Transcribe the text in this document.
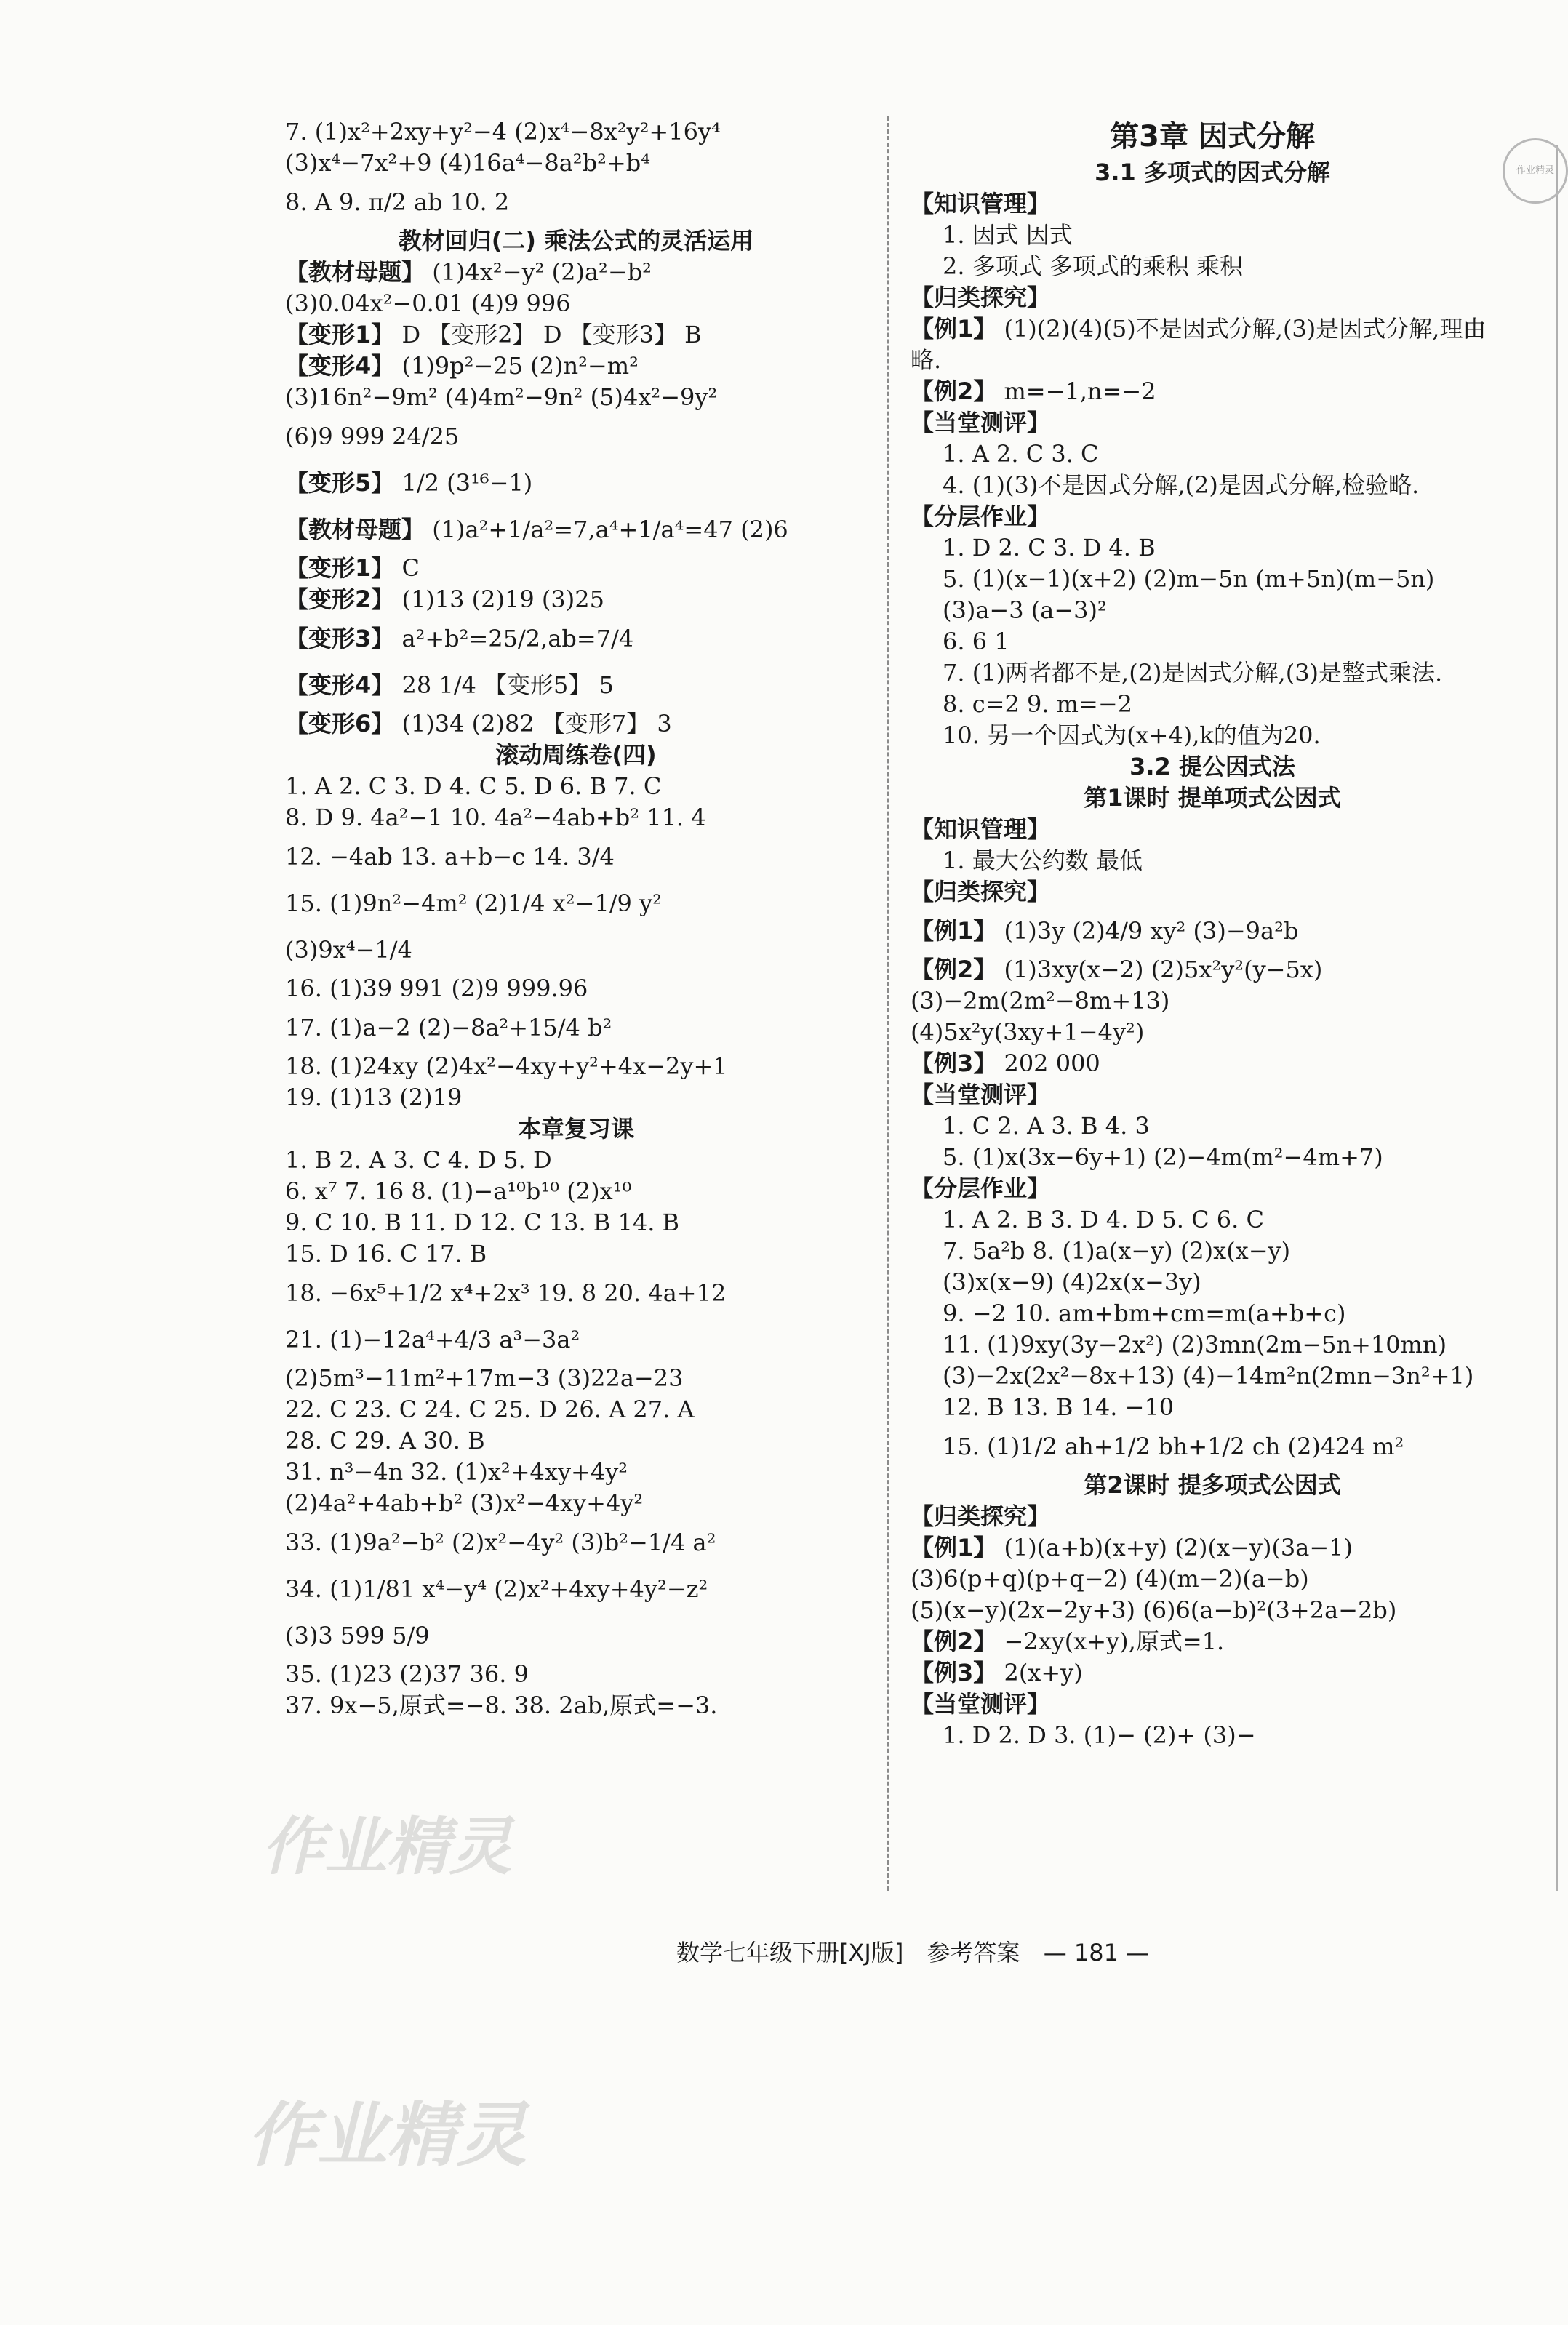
7. (1)x²+2xy+y²−4 (2)x⁴−8x²y²+16y⁴
(3)x⁴−7x²+9 (4)16a⁴−8a²b²+b⁴
8. A 9. π/2 ab 10. 2
教材回归(二) 乘法公式的灵活运用
【教材母题】 (1)4x²−y² (2)a²−b²
(3)0.04x²−0.01 (4)9 996
【变形1】 D 【变形2】 D 【变形3】 B
【变形4】 (1)9p²−25 (2)n²−m²
(3)16n²−9m² (4)4m²−9n² (5)4x²−9y²
(6)9 999 24/25
【变形5】 1/2 (3¹⁶−1)
【教材母题】 (1)a²+1/a²=7,a⁴+1/a⁴=47 (2)6
【变形1】 C
【变形2】 (1)13 (2)19 (3)25
【变形3】 a²+b²=25/2,ab=7/4
【变形4】 28 1/4 【变形5】 5
【变形6】 (1)34 (2)82 【变形7】 3
滚动周练卷(四)
1. A 2. C 3. D 4. C 5. D 6. B 7. C
8. D 9. 4a²−1 10. 4a²−4ab+b² 11. 4
12. −4ab 13. a+b−c 14. 3/4
15. (1)9n²−4m² (2)1/4 x²−1/9 y²
(3)9x⁴−1/4
16. (1)39 991 (2)9 999.96
17. (1)a−2 (2)−8a²+15/4 b²
18. (1)24xy (2)4x²−4xy+y²+4x−2y+1
19. (1)13 (2)19
本章复习课
1. B 2. A 3. C 4. D 5. D
6. x⁷ 7. 16 8. (1)−a¹⁰b¹⁰ (2)x¹⁰
9. C 10. B 11. D 12. C 13. B 14. B
15. D 16. C 17. B
18. −6x⁵+1/2 x⁴+2x³ 19. 8 20. 4a+12
21. (1)−12a⁴+4/3 a³−3a²
(2)5m³−11m²+17m−3 (3)22a−23
22. C 23. C 24. C 25. D 26. A 27. A
28. C 29. A 30. B
31. n³−4n 32. (1)x²+4xy+4y²
(2)4a²+4ab+b² (3)x²−4xy+4y²
33. (1)9a²−b² (2)x²−4y² (3)b²−1/4 a²
34. (1)1/81 x⁴−y⁴ (2)x²+4xy+4y²−z²
(3)3 599 5/9
35. (1)23 (2)37 36. 9
37. 9x−5,原式=−8. 38. 2ab,原式=−3.
第3章 因式分解
3.1 多项式的因式分解
【知识管理】
1. 因式 因式
2. 多项式 多项式的乘积 乘积
【归类探究】
【例1】 (1)(2)(4)(5)不是因式分解,(3)是因式分解,理由略.
【例2】 m=−1,n=−2
【当堂测评】
1. A 2. C 3. C
4. (1)(3)不是因式分解,(2)是因式分解,检验略.
【分层作业】
1. D 2. C 3. D 4. B
5. (1)(x−1)(x+2) (2)m−5n (m+5n)(m−5n) (3)a−3 (a−3)²
6. 6 1
7. (1)两者都不是,(2)是因式分解,(3)是整式乘法.
8. c=2 9. m=−2
10. 另一个因式为(x+4),k的值为20.
3.2 提公因式法
第1课时 提单项式公因式
【知识管理】
1. 最大公约数 最低
【归类探究】
【例1】 (1)3y (2)4/9 xy² (3)−9a²b
【例2】 (1)3xy(x−2) (2)5x²y²(y−5x)
(3)−2m(2m²−8m+13)
(4)5x²y(3xy+1−4y²)
【例3】 202 000
【当堂测评】
1. C 2. A 3. B 4. 3
5. (1)x(3x−6y+1) (2)−4m(m²−4m+7)
【分层作业】
1. A 2. B 3. D 4. D 5. C 6. C
7. 5a²b 8. (1)a(x−y) (2)x(x−y)
(3)x(x−9) (4)2x(x−3y)
9. −2 10. am+bm+cm=m(a+b+c)
11. (1)9xy(3y−2x²) (2)3mn(2m−5n+10mn) (3)−2x(2x²−8x+13) (4)−14m²n(2mn−3n²+1)
12. B 13. B 14. −10
15. (1)1/2 ah+1/2 bh+1/2 ch (2)424 m²
第2课时 提多项式公因式
【归类探究】
【例1】 (1)(a+b)(x+y) (2)(x−y)(3a−1)
(3)6(p+q)(p+q−2) (4)(m−2)(a−b)
(5)(x−y)(2x−2y+3) (6)6(a−b)²(3+2a−2b)
【例2】 −2xy(x+y),原式=1.
【例3】 2(x+y)
【当堂测评】
1. D 2. D 3. (1)− (2)+ (3)−
作业精灵
作业精灵
作业精灵
数学七年级下册[XJ版] 参考答案 — 181 —
